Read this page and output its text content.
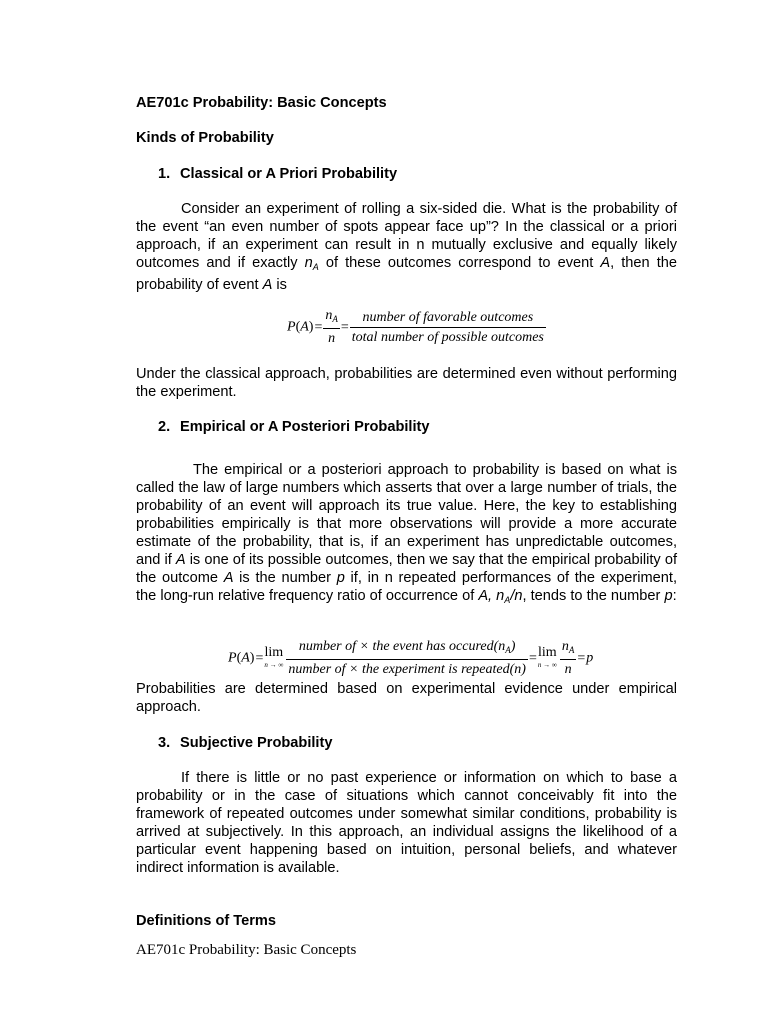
AE701c Probability: Basic Concepts
Kinds of Probability
1. Classical or A Priori Probability
Consider an experiment of rolling a six-sided die. What is the probability of the event “an even number of spots appear face up”? In the classical or a priori approach, if an experiment can result in n mutually exclusive and equally likely outcomes and if exactly $n_A$ of these outcomes correspond to event A, then the probability of event A is
$P(A)= \frac{n_A}{n} = \frac{\text{number of favorable outcomes}}{\text{total number of possible outcomes}}$
Under the classical approach, probabilities are determined even without performing the experiment.
2. Empirical or A Posteriori Probability
The empirical or a posteriori approach to probability is based on what is called the law of large numbers which asserts that over a large number of trials, the probability of an event will approach its true value. Here, the key to establishing probabilities empirically is that more observations will provide a more accurate estimate of the probability, that is, if an experiment has unpredictable outcomes, and if A is one of its possible outcomes, then we say that the empirical probability of the outcome A is the number p if, in n repeated performances of the experiment, the long-run relative frequency ratio of occurrence of A, $n_A/n$, tends to the number p:
P(A)= lim
n → ∞ $\frac{number of \times the event has occured(n_A)}{\text{number of × the experiment is repeated(n)}} = \lim$
n → ∞ $\frac{n_A}{n} =p$
Probabilities are determined based on experimental evidence under empirical approach.
3. Subjective Probability
If there is little or no past experience or information on which to base a probability or in the case of situations which cannot conceivably fit into the framework of repeated outcomes under somewhat similar conditions, probability is arrived at subjectively. In this approach, an individual assigns the likelihood of a particular event happening based on intuition, personal beliefs, and whatever indirect information is available.
Definitions of Terms
AE701c Probability: Basic Concepts
